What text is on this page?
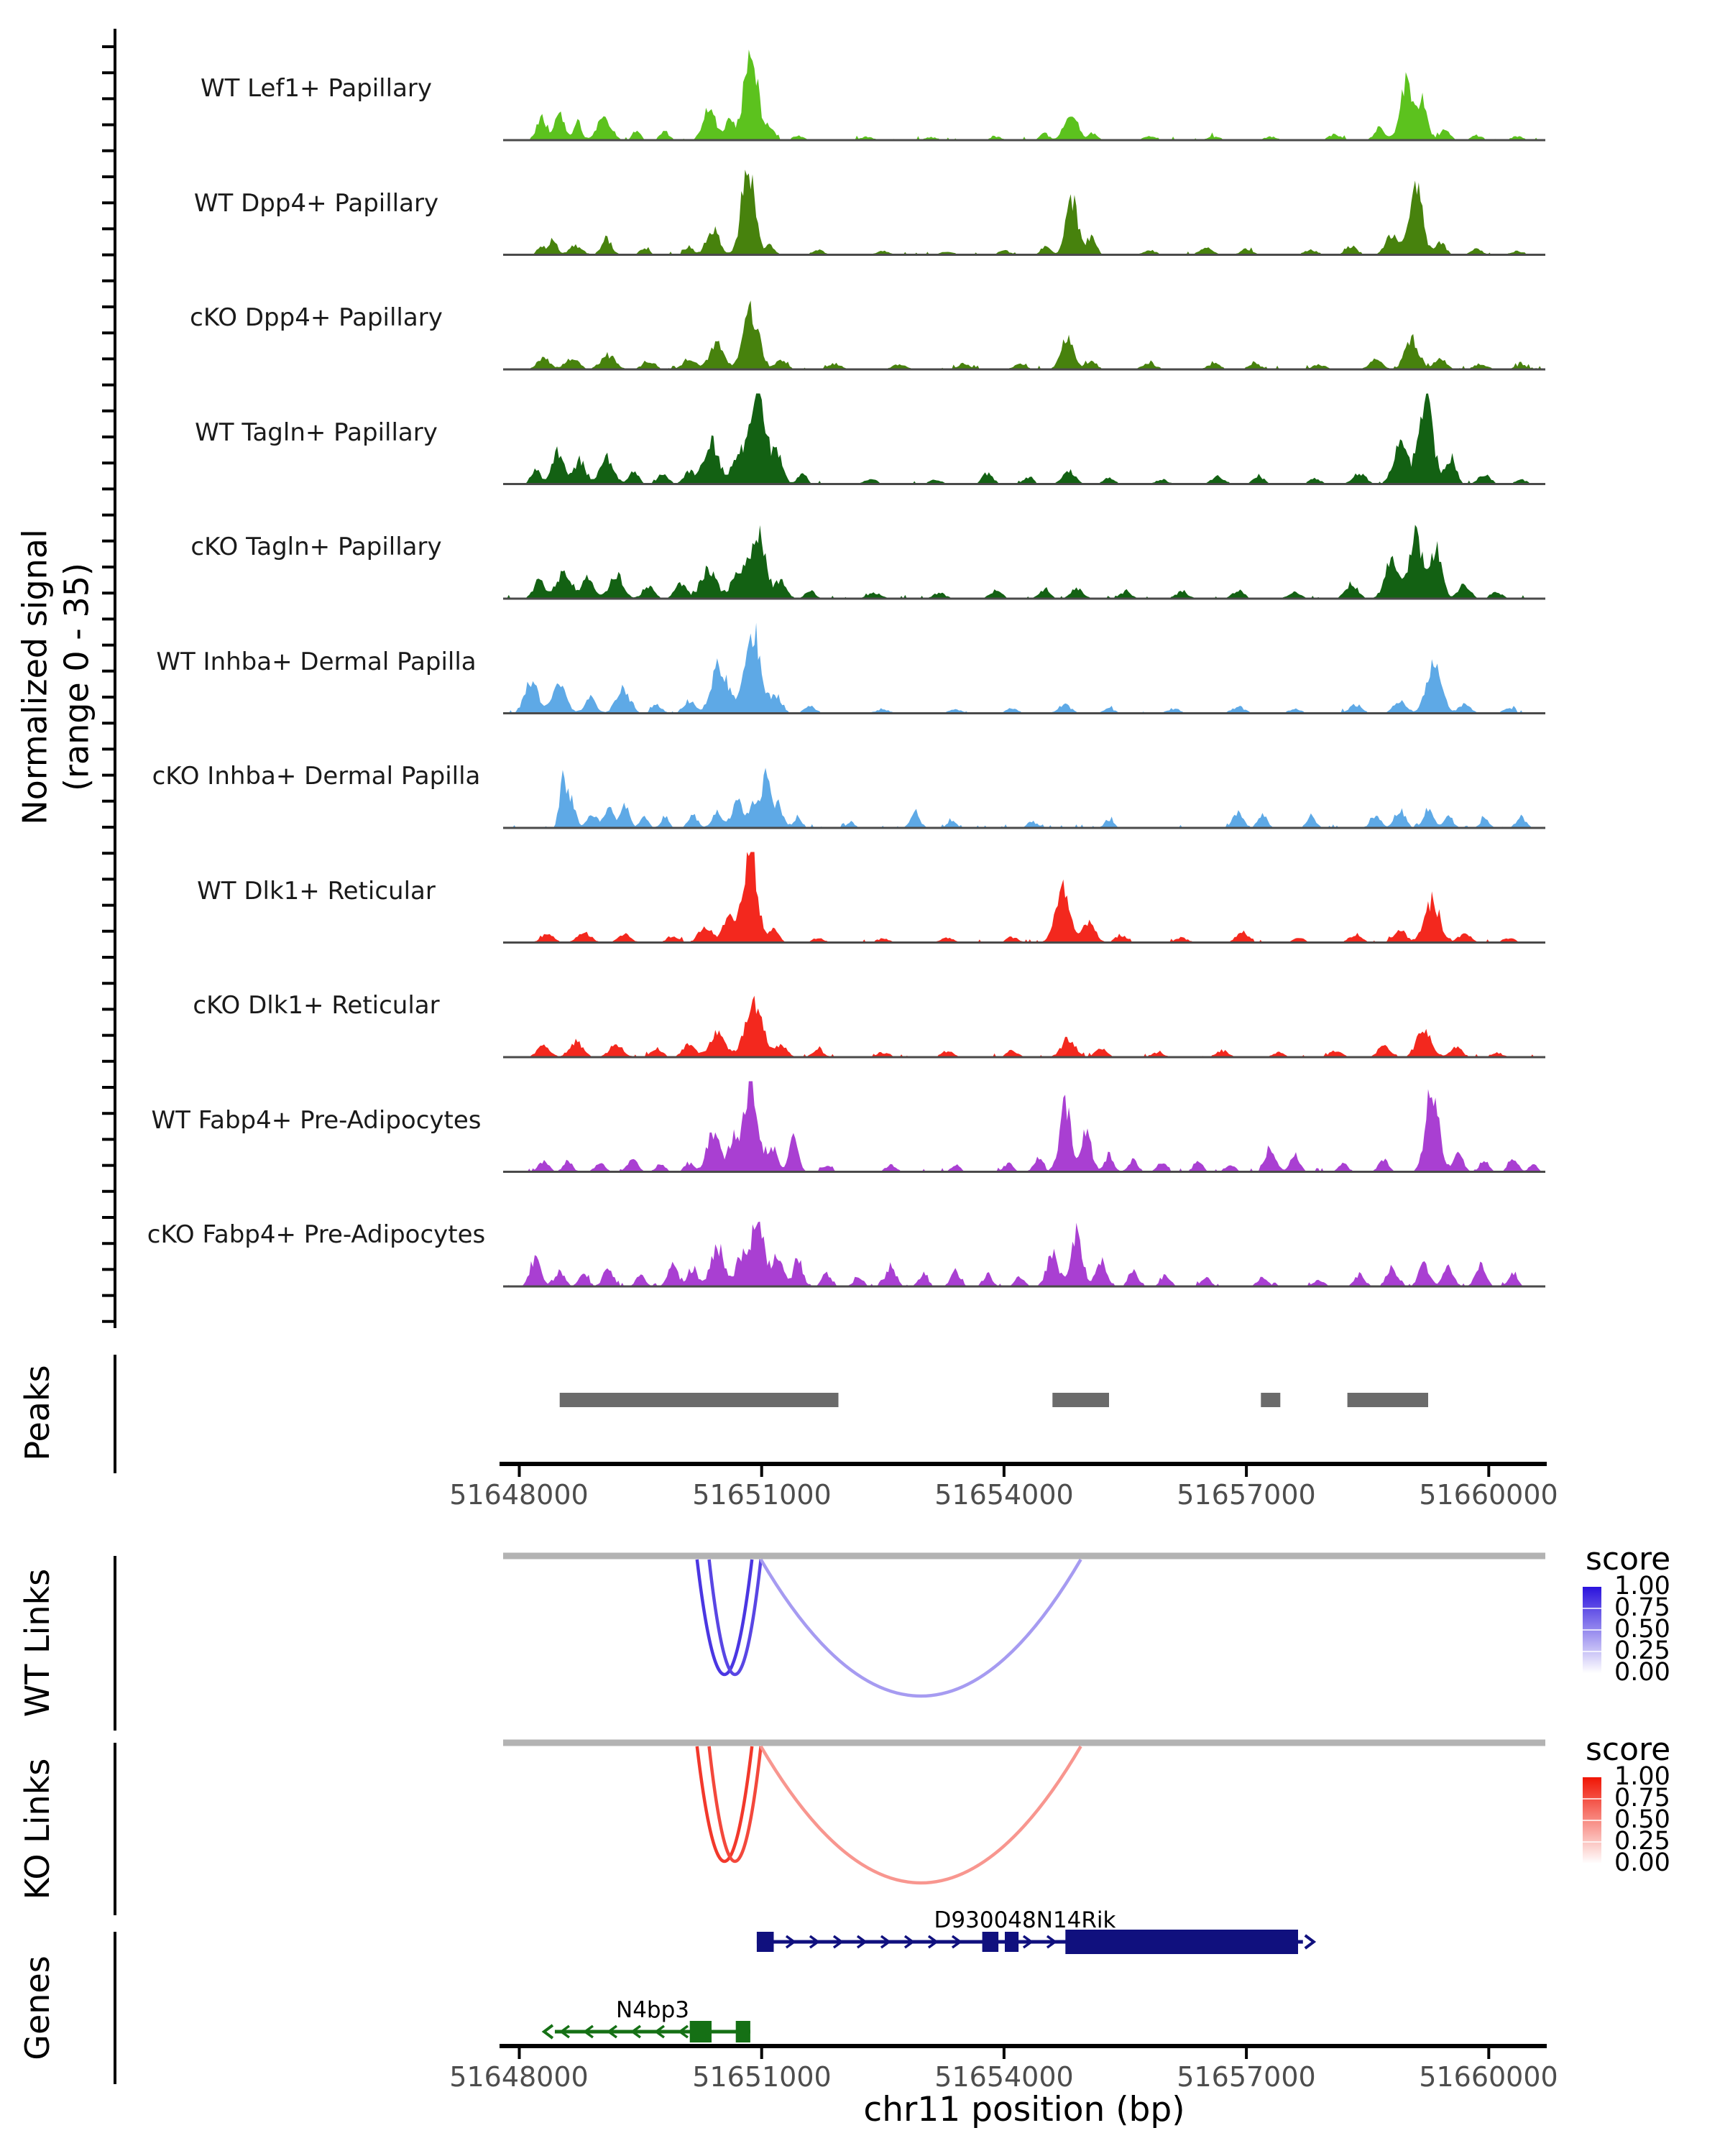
Normalized signal
(range 0 - 35)
Peaks
WT Links
KO Links
Genes
score
score
chr11 position (bp)
WT Lef1+ Papillary
WT Dpp4+ Papillary
cKO Dpp4+ Papillary
WT Tagln+ Papillary
cKO Tagln+ Papillary
WT Inhba+ Dermal Papilla
cKO Inhba+ Dermal Papilla
WT Dlk1+ Reticular
cKO Dlk1+ Reticular
WT Fabp4+ Pre-Adipocytes
cKO Fabp4+ Pre-Adipocytes
51648000	51651000	51654000	51657000	51660000
51648000	51651000	51654000	51657000	51660000
1.00
0.75
0.50
0.25
0.00
1.00
0.75
0.50
0.25
0.00
D930048N14Rik
N4bp3
